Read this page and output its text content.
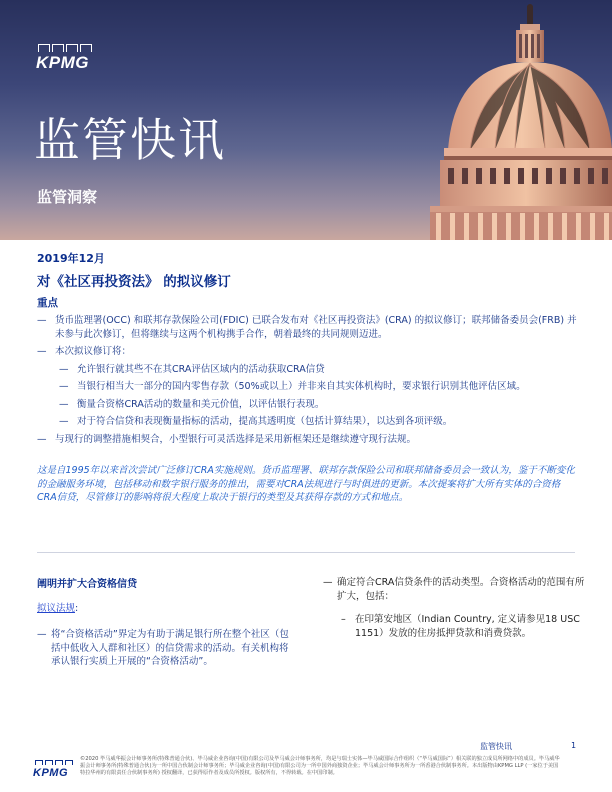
KPMG
监管快讯
监管洞察
2019年12月
对《社区再投资法》 的拟议修订
重点
— 货币监理署(OCC) 和联邦存款保险公司(FDIC) 已联合发布对《社区再投资法》(CRA) 的拟议修订；联邦储备委员会(FRB) 并未参与此次修订，但将继续与这两个机构携手合作，朝着最终的共同规则迈进。
— 本次拟议修订将：
— 允许银行就其些不在其CRA评估区域内的活动获取CRA信贷
— 当银行相当大一部分的国内零售存款（50%或以上）并非来自其实体机构时，要求银行识别其他评估区域。
— 衡量合资格CRA活动的数量和美元价值，以评估银行表现。
— 对于符合信贷和表现衡量指标的活动，提高其透明度（包括计算结果），以达到各项评级。
— 与现行的调整措施相契合，小型银行可灵活选择是采用新框架还是继续遵守现行法规。
这是自1995年以来首次尝试广泛修订CRA实施规则。货币监理署、联邦存款保险公司和联邦储备委员会一致认为，鉴于不断变化的金融服务环境，包括移动和数字银行服务的推出，需要对CRA法规进行与时俱进的更新。本次提案将扩大所有实体的合资格CRA信贷，尽管修订的影响将很大程度上取决于银行的类型及其获得存款的方式和地点。
阐明并扩大合资格信贷
拟议法规:
— 将“合资格活动”界定为有助于满足银行所在整个社区（包括中低收入人群和社区）的信贷需求的活动。有关机构将承认银行实质上开展的“合资格活动”。
— 确定符合CRA信贷条件的活动类型。合资格活动的范围有所扩大，包括：
– 在印第安地区（Indian Country, 定义请参见18 USC 1151）发放的住房抵押贷款和消费贷款。
监管快讯	1
KPMG
©2020 毕马威华振会计师事务所(特殊普通合伙)、毕马威企业咨询(中国)有限公司及毕马威会计师事务所，均是与瑞士实体—毕马威国际合作组织（“毕马威国际”）相关联的独立成员所网络中的成员。毕马威华振会计师事务所(特殊普通合伙)为一所中国合伙制会计师事务所；毕马威企业咨询(中国)有限公司为一所中国外商独资企业；毕马威会计师事务所为一所香港合伙制事务所。本出版物由KPMG LLP (一家位于美国特拉华州的有限责任合伙制事务所) 授权翻译，已获得原作者及成员所授权。版权所有，不得转载。在中国印制。
